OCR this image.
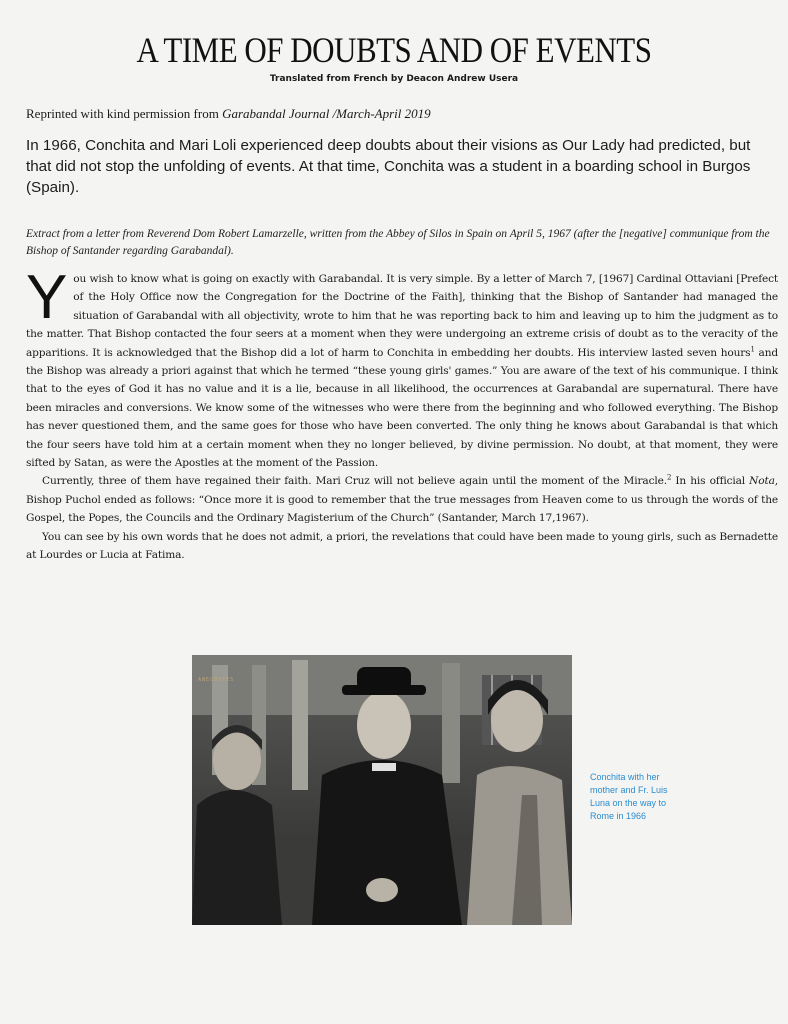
A TIME OF DOUBTS AND OF EVENTS

Translated from French by Deacon Andrew Usera

Reprinted with kind permission from Garabandal Journal /March-April 2019

In 1966, Conchita and Mari Loli experienced deep doubts about their visions as Our Lady had predicted, but that did not stop the unfolding of events. At that time, Conchita was a student in a boarding school in Burgos (Spain).

Extract from a letter from Reverend Dom Robert Lamarzelle, written from the Abbey of Silos in Spain on April 5, 1967 (after the [negative] communique from the Bishop of Santander regarding Garabandal).

You wish to know what is going on exactly with Garabandal. It is very simple. By a letter of March 7, [1967] Cardinal Ottaviani [Prefect of the Holy Office now the Congregation for the Doctrine of the Faith], thinking that the Bishop of Santander had managed the situation of Garabandal with all objectivity, wrote to him that he was reporting back to him and leaving up to him the judgment as to the matter. That Bishop contacted the four seers at a moment when they were undergoing an extreme crisis of doubt as to the veracity of the apparitions. It is acknowledged that the Bishop did a lot of harm to Conchita in embedding her doubts. His interview lasted seven hours$^1$ and the Bishop was already a priori against that which he termed “these young girls' games.” You are aware of the text of his communique. I think that to the eyes of God it has no value and it is a lie, because in all likelihood, the occurrences at Garabandal are supernatural. There have been miracles and conversions. We know some of the witnesses who were there from the beginning and who followed everything. The Bishop has never questioned them, and the same goes for those who have been converted. The only thing he knows about Garabandal is that which the four seers have told him at a certain moment when they no longer believed, by divine permission. No doubt, at that moment, they were sifted by Satan, as were the Apostles at the moment of the Passion.

Currently, three of them have regained their faith. Mari Cruz will not believe again until the moment of the Miracle.$^2$ In his official Nota, Bishop Puchol ended as follows: “Once more it is good to remember that the true messages from Heaven come to us through the words of the Gospel, the Popes, the Councils and the Ordinary Magisterium of the Church” (Santander, March 17,1967).

You can see by his own words that he does not admit, a priori, the revelations that could have been made to young girls, such as Bernadette at Lourdes or Lucia at Fatima.

ANECDOTES
Conchita with her
mother and Fr. Luis
Luna on the way to
Rome in 1966
